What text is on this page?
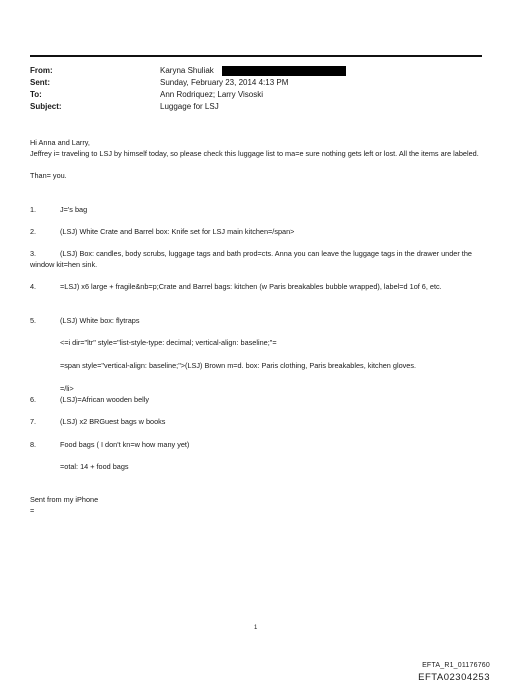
From:	Karyna Shuliak
Sent:	Sunday, February 23, 2014 4:13 PM
To:	Ann Rodriquez; Larry Visoski
Subject:	Luggage for LSJ
Hi Anna and Larry,
Jeffrey i= traveling to LSJ by himself today, so please check this luggage list to ma=e sure nothing gets left or lost. All the items are labeled.
Than= you.
1.	J='s bag
2.	(LSJ) White Crate and Barrel box: Knife set for LSJ main kitchen=/span>
3.	(LSJ) Box: candles, body scrubs, luggage tags and bath prod=cts. Anna you can leave the luggage tags in the drawer under the window kit=hen sink.
4.	=LSJ) x6 large + fragile&nb=p;Crate and Barrel bags: kitchen (w Paris breakables bubble wrapped), label=d 1of 6, etc.
5.	(LSJ) White box: flytraps
<=i dir="ltr" style="list-style-type: decimal; vertical-align: baseline;"=
=span style="vertical-align: baseline;">(LSJ) Brown m=d. box: Paris clothing, Paris breakables, kitchen gloves.
=/li>
6.	(LSJ)=African wooden belly
7.	(LSJ) x2 BRGuest bags w books
8.	Food bags ( I don't kn=w how many yet)
=otal: 14 + food bags
Sent from my iPhone
=
1
EFTA_R1_01176760
EFTA02304253
